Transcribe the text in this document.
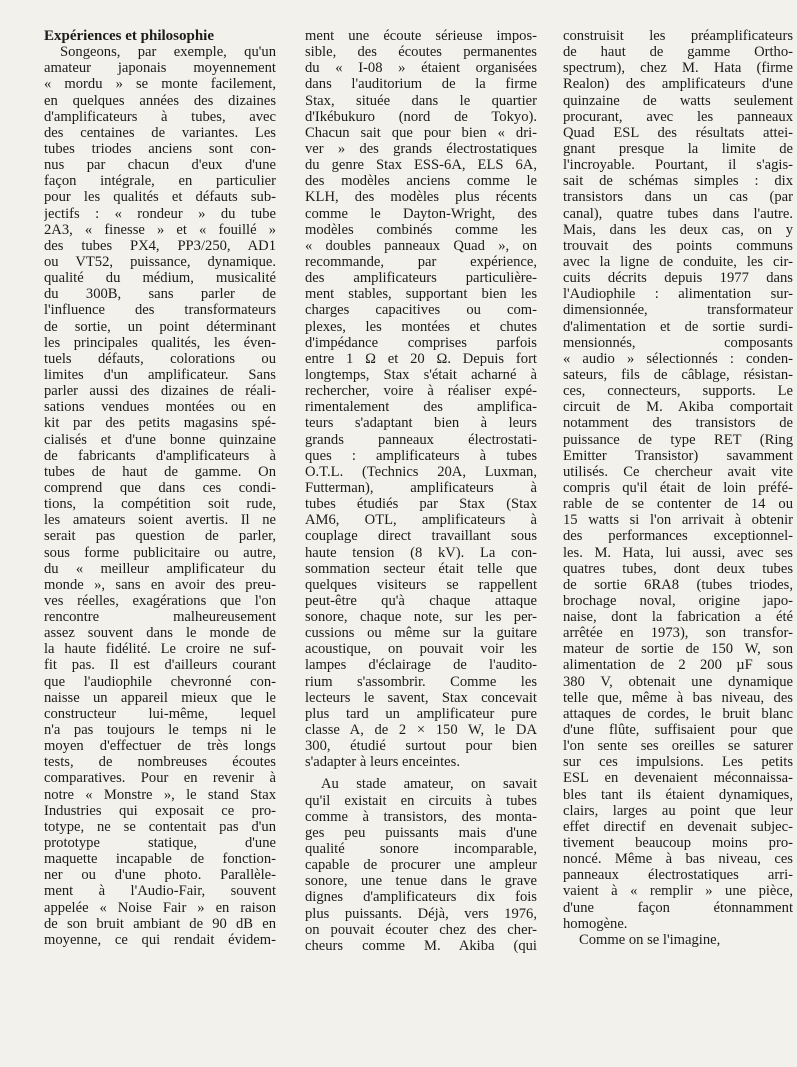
Expériences et philosophie
Songeons, par exemple, qu'un
amateur japonais moyennement
« mordu » se monte facilement,
en quelques années des dizaines
d'amplificateurs à tubes, avec
des centaines de variantes. Les
tubes triodes anciens sont con-
nus par chacun d'eux d'une
façon intégrale, en particulier
pour les qualités et défauts sub-
jectifs : « rondeur » du tube
2A3, « finesse » et « fouillé »
des tubes PX4, PP3/250, AD1
ou VT52, puissance, dynamique.
qualité du médium, musicalité
du 300B, sans parler de
l'influence des transformateurs
de sortie, un point déterminant
les principales qualités, les éven-
tuels défauts, colorations ou
limites d'un amplificateur. Sans
parler aussi des dizaines de réali-
sations vendues montées ou en
kit par des petits magasins spé-
cialisés et d'une bonne quinzaine
de fabricants d'amplificateurs à
tubes de haut de gamme. On
comprend que dans ces condi-
tions, la compétition soit rude,
les amateurs soient avertis. Il ne
serait pas question de parler,
sous forme publicitaire ou autre,
du « meilleur amplificateur du
monde », sans en avoir des preu-
ves réelles, exagérations que l'on
rencontre malheureusement
assez souvent dans le monde de
la haute fidélité. Le croire ne suf-
fit pas. Il est d'ailleurs courant
que l'audiophile chevronné con-
naisse un appareil mieux que le
constructeur lui-même, lequel
n'a pas toujours le temps ni le
moyen d'effectuer de très longs
tests, de nombreuses écoutes
comparatives. Pour en revenir à
notre « Monstre », le stand Stax
Industries qui exposait ce pro-
totype, ne se contentait pas d'un
prototype statique, d'une
maquette incapable de fonction-
ner ou d'une photo. Parallèle-
ment à l'Audio-Fair, souvent
appelée « Noise Fair » en raison
de son bruit ambiant de 90 dB en
moyenne, ce qui rendait évidem-
ment une écoute sérieuse impos-
sible, des écoutes permanentes
du « I-08 » étaient organisées
dans l'auditorium de la firme
Stax, située dans le quartier
d'Ikébukuro (nord de Tokyo).
Chacun sait que pour bien « dri-
ver » des grands électrostatiques
du genre Stax ESS-6A, ELS 6A,
des modèles anciens comme le
KLH, des modèles plus récents
comme le Dayton-Wright, des
modèles combinés comme les
« doubles panneaux Quad », on
recommande, par expérience,
des amplificateurs particulière-
ment stables, supportant bien les
charges capacitives ou com-
plexes, les montées et chutes
d'impédance comprises parfois
entre 1 Ω et 20 Ω. Depuis fort
longtemps, Stax s'était acharné à
rechercher, voire à réaliser expé-
rimentalement des amplifica-
teurs s'adaptant bien à leurs
grands panneaux électrostati-
ques : amplificateurs à tubes
O.T.L. (Technics 20A, Luxman,
Futterman), amplificateurs à
tubes étudiés par Stax (Stax
AM6, OTL, amplificateurs à
couplage direct travaillant sous
haute tension (8 kV). La con-
sommation secteur était telle que
quelques visiteurs se rappellent
peut-être qu'à chaque attaque
sonore, chaque note, sur les per-
cussions ou même sur la guitare
acoustique, on pouvait voir les
lampes d'éclairage de l'audito-
rium s'assombrir. Comme les
lecteurs le savent, Stax concevait
plus tard un amplificateur pure
classe A, de 2 × 150 W, le DA
300, étudié surtout pour bien
s'adapter à leurs enceintes.
Au stade amateur, on savait
qu'il existait en circuits à tubes
comme à transistors, des monta-
ges peu puissants mais d'une
qualité sonore incomparable,
capable de procurer une ampleur
sonore, une tenue dans le grave
dignes d'amplificateurs dix fois
plus puissants. Déjà, vers 1976,
on pouvait écouter chez des cher-
cheurs comme M. Akiba (qui
construisit les préamplificateurs
de haut de gamme Ortho-
spectrum), chez M. Hata (firme
Realon) des amplificateurs d'une
quinzaine de watts seulement
procurant, avec les panneaux
Quad ESL des résultats attei-
gnant presque la limite de
l'incroyable. Pourtant, il s'agis-
sait de schémas simples : dix
transistors dans un cas (par
canal), quatre tubes dans l'autre.
Mais, dans les deux cas, on y
trouvait des points communs
avec la ligne de conduite, les cir-
cuits décrits depuis 1977 dans
l'Audiophile : alimentation sur-
dimensionnée, transformateur
d'alimentation et de sortie surdi-
mensionnés, composants
« audio » sélectionnés : conden-
sateurs, fils de câblage, résistan-
ces, connecteurs, supports. Le
circuit de M. Akiba comportait
notamment des transistors de
puissance de type RET (Ring
Emitter Transistor) savamment
utilisés. Ce chercheur avait vite
compris qu'il était de loin préfé-
rable de se contenter de 14 ou
15 watts si l'on arrivait à obtenir
des performances exceptionnel-
les. M. Hata, lui aussi, avec ses
quatres tubes, dont deux tubes
de sortie 6RA8 (tubes triodes,
brochage noval, origine japo-
naise, dont la fabrication a été
arrêtée en 1973), son transfor-
mateur de sortie de 150 W, son
alimentation de 2 200 µF sous
380 V, obtenait une dynamique
telle que, même à bas niveau, des
attaques de cordes, le bruit blanc
d'une flûte, suffisaient pour que
l'on sente ses oreilles se saturer
sur ces impulsions. Les petits
ESL en devenaient méconnaissa-
bles tant ils étaient dynamiques,
clairs, larges au point que leur
effet directif en devenait subjec-
tivement beaucoup moins pro-
noncé. Même à bas niveau, ces
panneaux électrostatiques arri-
vaient à « remplir » une pièce,
d'une façon étonnamment
homogène.
Comme on se l'imagine,
